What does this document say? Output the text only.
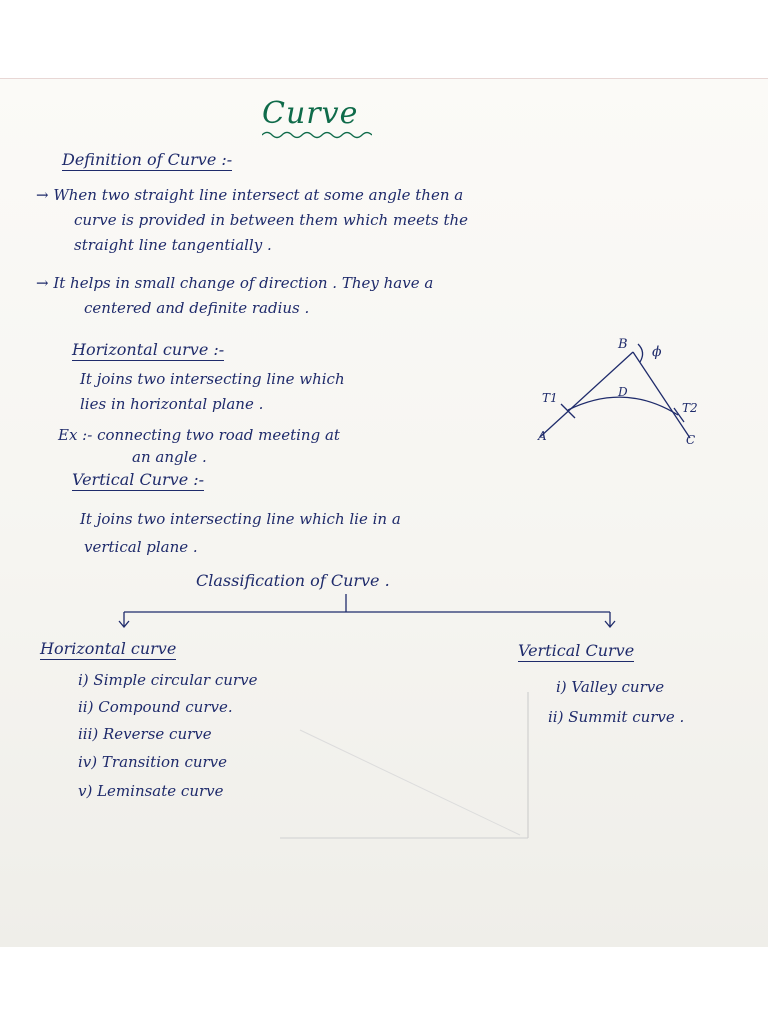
Curve
Definition of Curve :-
→ When two straight line intersect at some angle then a
curve is provided in between them which meets the
straight line tangentially .
→ It helps in small change of direction . They have a
centered and definite radius .
Horizontal curve :-
It joins two intersecting line which
lies in horizontal plane .
Ex :- connecting two road meeting at
an angle .
B ϕ
D
T1
T2
A	C
Vertical Curve :-
It joins two intersecting line which lie in a
vertical plane .
Classification of Curve .
Horizontal curve
i) Simple circular curve
ii) Compound curve.
iii) Reverse curve
iv) Transition curve
v) Leminsate curve
Vertical Curve
i) Valley curve
ii) Summit curve .
